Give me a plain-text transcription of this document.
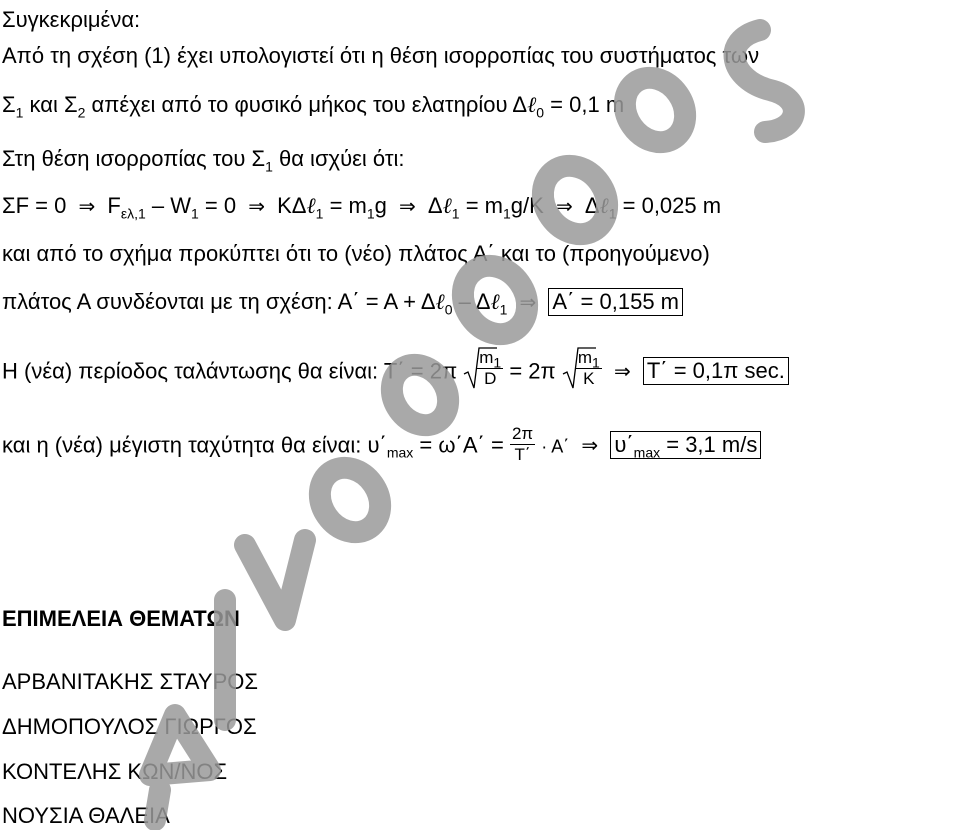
Συγκεκριμένα:
Από τη σχέση (1) έχει υπολογιστεί ότι η θέση ισορροπίας του συστήματος των
$\Sigma_1$ και $\Sigma_2$ απέχει από το φυσικό μήκος του ελατηρίου Δℓ$_0$ = 0,1 m
Στη θέση ισορροπίας του $\Sigma_1$ θα ισχύει ότι:
ΣF = 0 ⇒ $F_{\varepsilon\lambda,1} - W_1 = 0$ ⇒ KΔℓ$_1$ = $m_1g$ ⇒ Δℓ$_1$ = $m_1g/K$ ⇒ Δℓ$_1$ = 0,025 m
και από το σχήμα προκύπτει ότι το (νέο) πλάτος Α΄ και το (προηγούμενο)
πλάτος Α συνδέονται με τη σχέση: Α΄ = Α + Δℓ$_0$ – Δℓ$_1$ ⇒ Α΄ = 0,155 m
Η (νέα) περίοδος ταλάντωσης θα είναι: $T΄ = 2\pi \frac{m_1}{D} = 2\pi \frac{m_1}{K}$ ⇒ Τ΄ = 0,1π sec.
και η (νέα) μέγιστη ταχύτητα θα είναι: $\upsilon΄_{max} = \omega΄A΄ = \frac{2\pi}{T΄} \cdot A΄$ ⇒ $\upsilon΄_{max} = 3,1$ m/s
ΕΠΙΜΕΛΕΙΑ ΘΕΜΑΤΩΝ
ΑΡΒΑΝΙΤΑΚΗΣ ΣΤΑΥΡΟΣ
ΔΗΜΟΠΟΥΛΟΣ ΓΙΩΡΓΟΣ
ΚΟΝΤΕΛΗΣ ΚΩΝ/ΝΟΣ
ΝΟΥΣΙΑ ΘΑΛΕΙΑ
